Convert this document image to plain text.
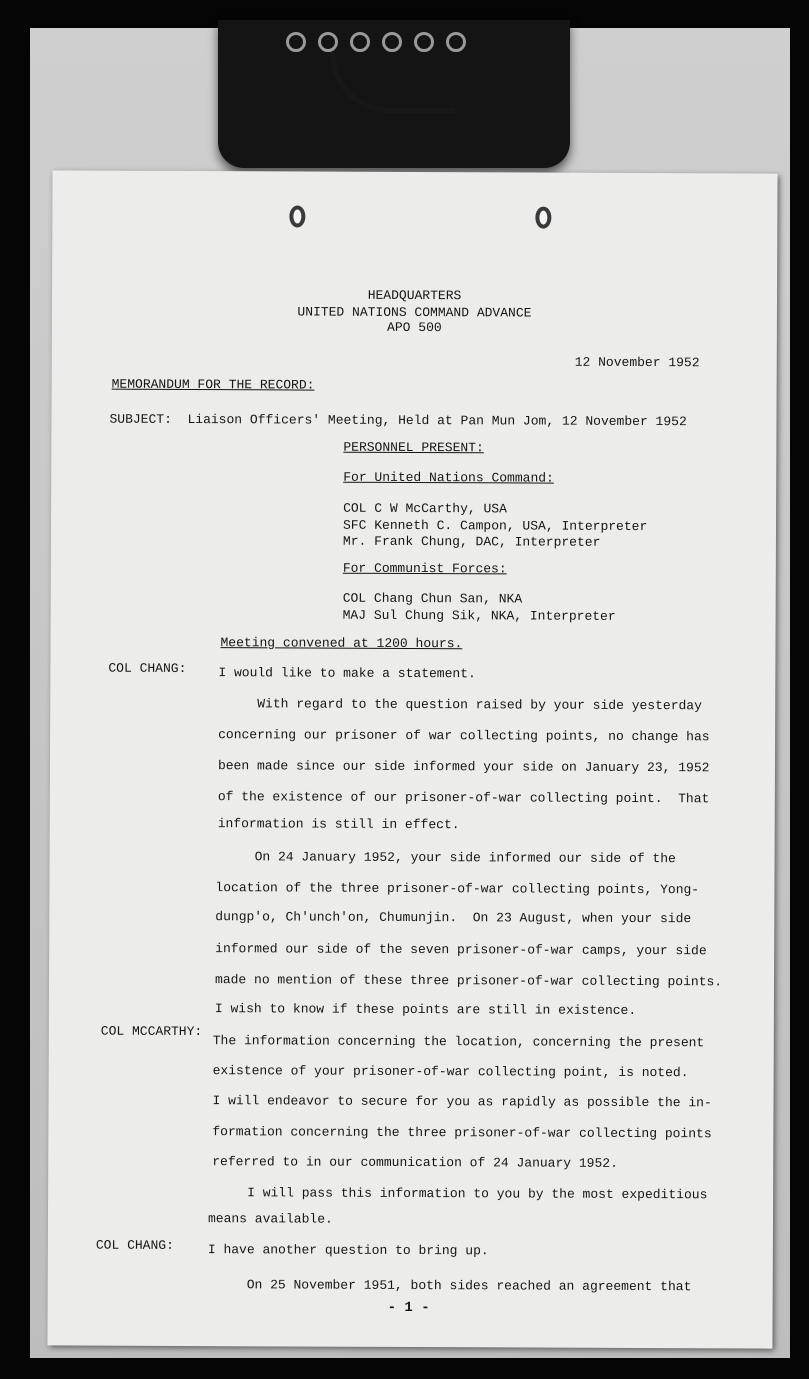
HEADQUARTERS
UNITED NATIONS COMMAND ADVANCE
APO 500
12 November 1952
MEMORANDUM FOR THE RECORD:
SUBJECT:  Liaison Officers' Meeting, Held at Pan Mun Jom, 12 November 1952
PERSONNEL PRESENT:
For United Nations Command:
COL C W McCarthy, USA
SFC Kenneth C. Campon, USA, Interpreter
Mr. Frank Chung, DAC, Interpreter
For Communist Forces:
COL Chang Chun San, NKA
MAJ Sul Chung Sik, NKA, Interpreter
Meeting convened at 1200 hours.
COL CHANG: I would like to make a statement.
With regard to the question raised by your side yesterday
concerning our prisoner of war collecting points, no change has
been made since our side informed your side on January 23, 1952
of the existence of our prisoner-of-war collecting point.  That
information is still in effect.
On 24 January 1952, your side informed our side of the
location of the three prisoner-of-war collecting points, Yong-
dungp'o, Ch'unch'on, Chumunjin.  On 23 August, when your side
informed our side of the seven prisoner-of-war camps, your side
made no mention of these three prisoner-of-war collecting points.
I wish to know if these points are still in existence.
COL MCCARTHY:
The information concerning the location, concerning the present
existence of your prisoner-of-war collecting point, is noted.
I will endeavor to secure for you as rapidly as possible the in-
formation concerning the three prisoner-of-war collecting points
referred to in our communication of 24 January 1952.
I will pass this information to you by the most expeditious
means available.
COL CHANG:	I have another question to bring up.
On 25 November 1951, both sides reached an agreement that
- 1 -
